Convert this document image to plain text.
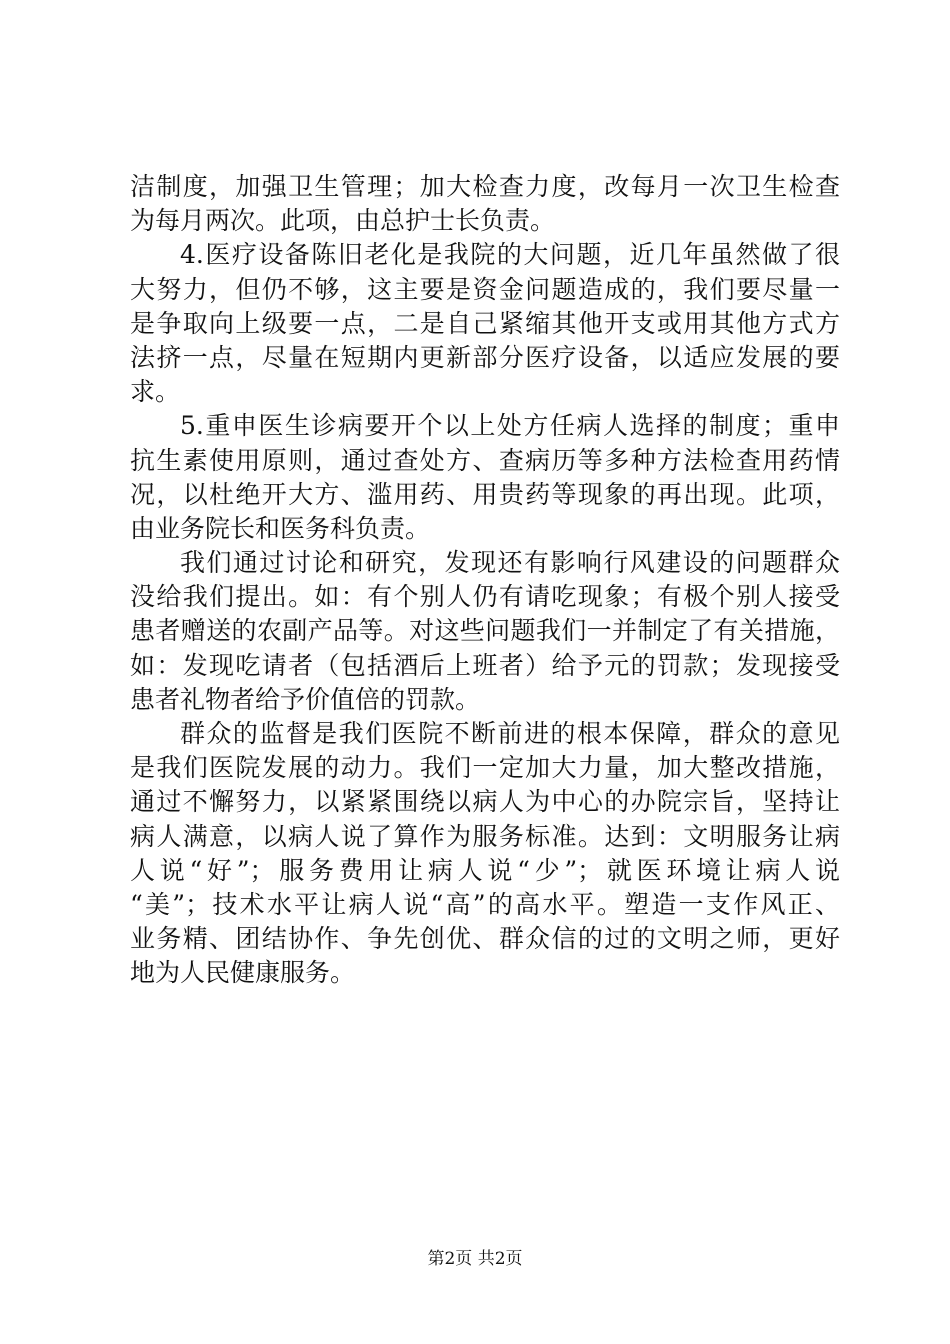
洁制度，加强卫生管理；加大检查力度，改每月一次卫生检查
为每月两次。此项，由总护士长负责。
4.医疗设备陈旧老化是我院的大问题，近几年虽然做了很
大努力，但仍不够，这主要是资金问题造成的，我们要尽量一
是争取向上级要一点，二是自己紧缩其他开支或用其他方式方
法挤一点，尽量在短期内更新部分医疗设备，以适应发展的要
求。
5.重申医生诊病要开个以上处方任病人选择的制度；重申
抗生素使用原则，通过查处方、查病历等多种方法检查用药情
况，以杜绝开大方、滥用药、用贵药等现象的再出现。此项，
由业务院长和医务科负责。
我们通过讨论和研究，发现还有影响行风建设的问题群众
没给我们提出。如：有个别人仍有请吃现象；有极个别人接受
患者赠送的农副产品等。对这些问题我们一并制定了有关措施，
如：发现吃请者（包括酒后上班者）给予元的罚款；发现接受
患者礼物者给予价值倍的罚款。
群众的监督是我们医院不断前进的根本保障，群众的意见
是我们医院发展的动力。我们一定加大力量，加大整改措施，
通过不懈努力，以紧紧围绕以病人为中心的办院宗旨，坚持让
病人满意，以病人说了算作为服务标准。达到：文明服务让病
人说“好”；服务费用让病人说“少”；就医环境让病人说
“美”；技术水平让病人说“高”的高水平。塑造一支作风正、
业务精、团结协作、争先创优、群众信的过的文明之师，更好
地为人民健康服务。
第2页 共2页
